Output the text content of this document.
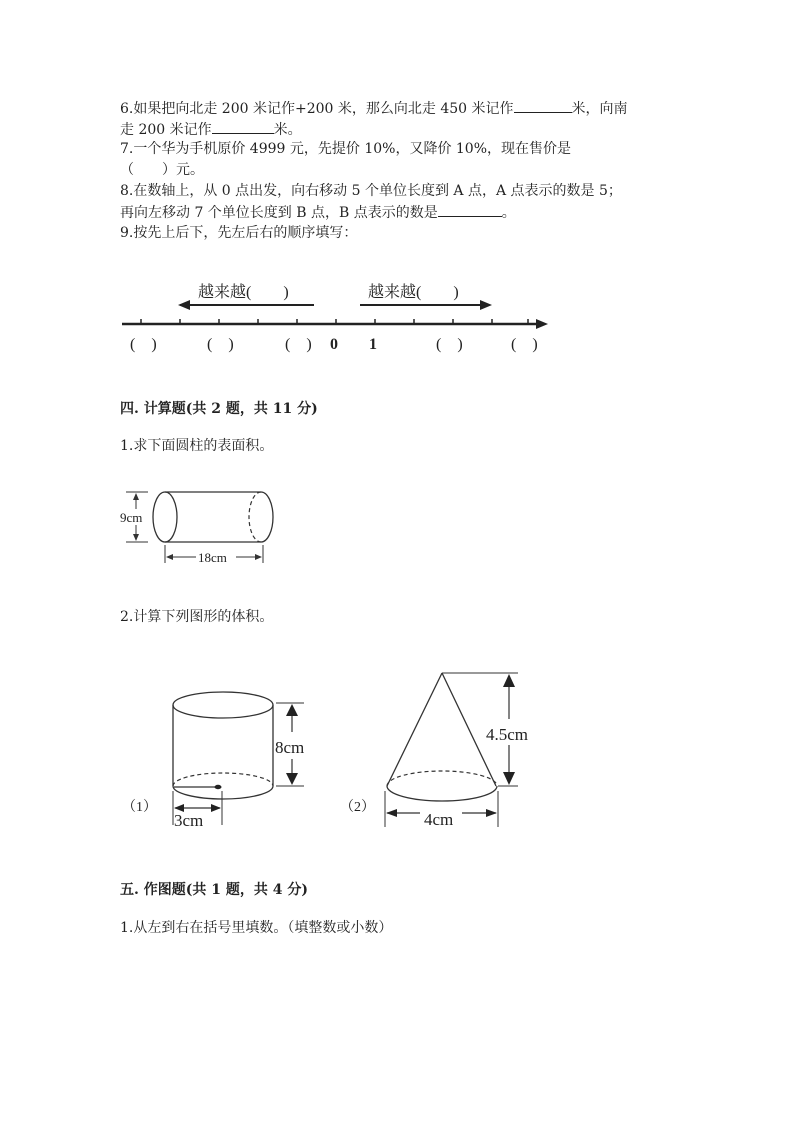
6.如果把向北走 200 米记作+200 米，那么向北走 450 米记作	米，向南
走 200 米记作	米。
7.一个华为手机原价 4999 元，先提价 10%，又降价 10%，现在售价是
（　　）元。
8.在数轴上，从 0 点出发，向右移动 5 个单位长度到 A 点，A 点表示的数是 5；
再向左移动 7 个单位长度到 B 点，B 点表示的数是	。
9.按先上后下，先左后右的顺序填写：
越来越(　　)	越来越(　　)
(　)	(　)	(　) 0 1	(　)	(　)
四. 计算题(共 2 题，共 11 分)
1.求下面圆柱的表面积。
9cm
18cm
2.计算下列图形的体积。
8cm
3cm
（1）
4.5cm
4cm
（2）
五. 作图题(共 1 题，共 4 分)
1.从左到右在括号里填数。（填整数或小数）
